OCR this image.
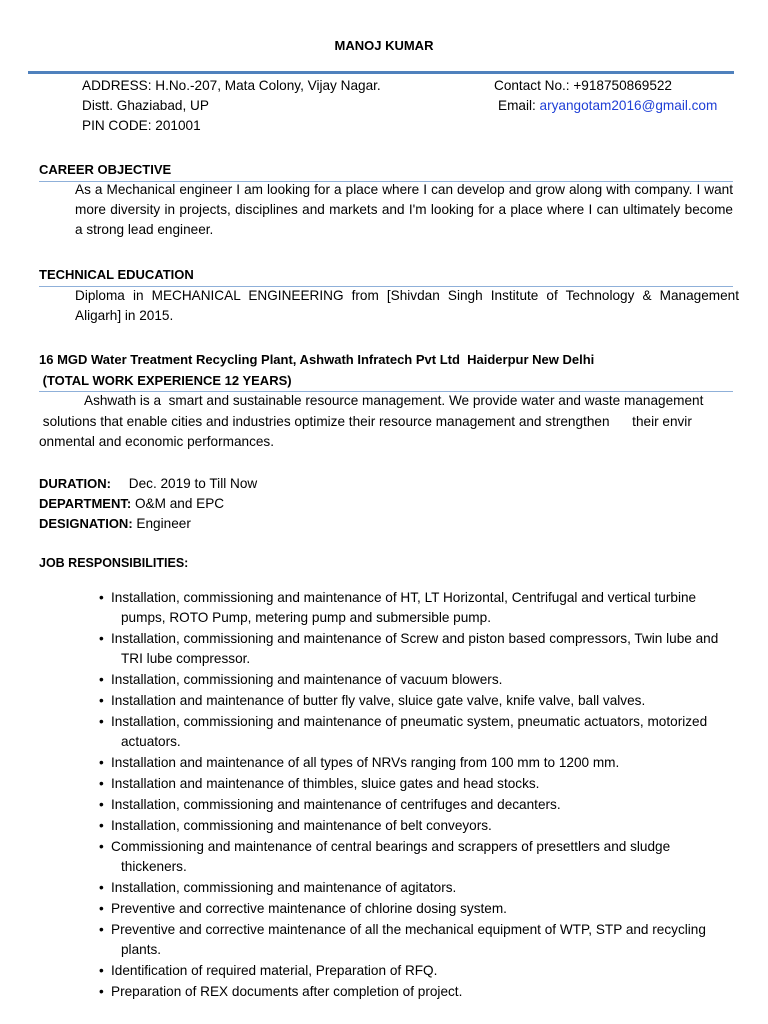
MANOJ KUMAR
ADDRESS: H.No.-207, Mata Colony, Vijay Nagar.
Distt. Ghaziabad, UP
PIN CODE: 201001
Contact No.: +918750869522
Email: aryangotam2016@gmail.com
CAREER OBJECTIVE
As a Mechanical engineer I am looking for a place where I can develop and grow along with company. I want more diversity in projects, disciplines and markets and I'm looking for a place where I can ultimately become a strong lead engineer.
TECHNICAL EDUCATION
Diploma in MECHANICAL ENGINEERING from [Shivdan Singh Institute of Technology & Management Aligarh] in 2015.
16 MGD Water Treatment Recycling Plant, Ashwath Infratech Pvt Ltd  Haiderpur New Delhi
(TOTAL WORK EXPERIENCE 12 YEARS)
Ashwath is a  smart and sustainable resource management. We provide water and waste management
solutions that enable cities and industries optimize their resource management and strengthen      their envir
onmental and economic performances.
DURATION: Dec. 2019 to Till Now
DEPARTMENT: O&M and EPC
DESIGNATION: Engineer
JOB RESPONSIBILITIES:
• Installation, commissioning and maintenance of HT, LT Horizontal, Centrifugal and vertical turbine
pumps, ROTO Pump, metering pump and submersible pump.
• Installation, commissioning and maintenance of Screw and piston based compressors, Twin lube and
TRI lube compressor.
• Installation, commissioning and maintenance of vacuum blowers.
• Installation and maintenance of butter fly valve, sluice gate valve, knife valve, ball valves.
• Installation, commissioning and maintenance of pneumatic system, pneumatic actuators, motorized
actuators.
• Installation and maintenance of all types of NRVs ranging from 100 mm to 1200 mm.
• Installation and maintenance of thimbles, sluice gates and head stocks.
• Installation, commissioning and maintenance of centrifuges and decanters.
• Installation, commissioning and maintenance of belt conveyors.
• Commissioning and maintenance of central bearings and scrappers of presettlers and sludge
thickeners.
• Installation, commissioning and maintenance of agitators.
• Preventive and corrective maintenance of chlorine dosing system.
• Preventive and corrective maintenance of all the mechanical equipment of WTP, STP and recycling
plants.
• Identification of required material, Preparation of RFQ.
• Preparation of REX documents after completion of project.
